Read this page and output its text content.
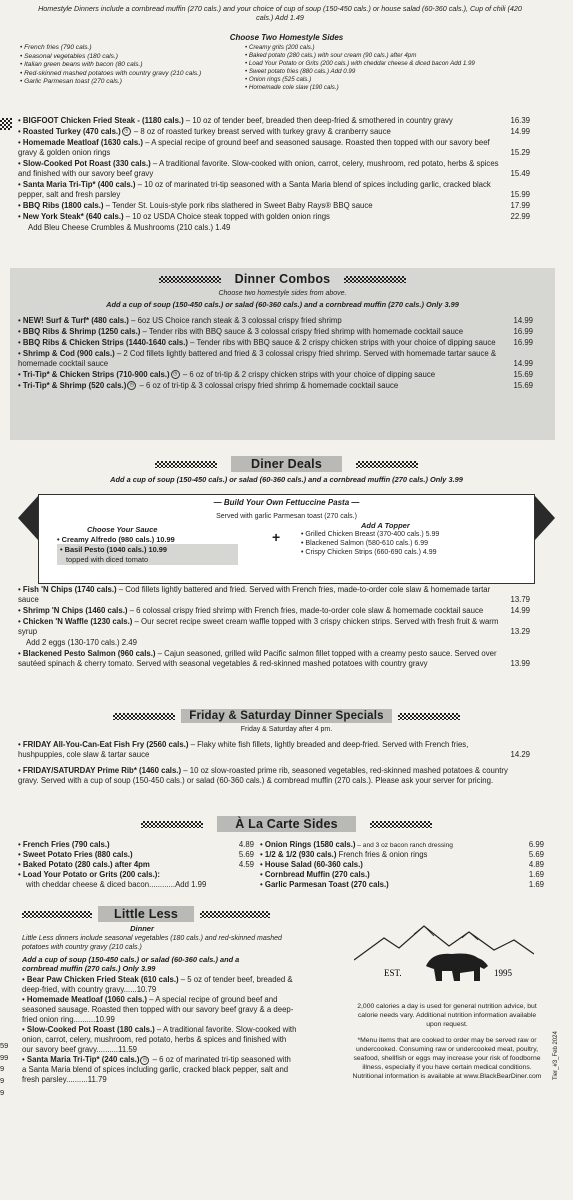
Homestyle Dinners include a cornbread muffin (270 cals.) and your choice of cup of soup (150-450 cals.) or house salad (60-360 cals.), Cup of chili (420 cals.) Add 1.49
Choose Two Homestyle Sides
• French fries (790 cals.)
• Seasonal vegetables (180 cals.)
• Italian green beans with bacon (80 cals.)
• Red-skinned mashed potatoes with country gravy (210 cals.)
• Garlic Parmesan toast (270 cals.)
• Creamy grits (200 cals.)
• Baked potato (280 cals.) with sour cream (90 cals.) after 4pm
• Load Your Potato or Grits (200 cals.) with cheddar cheese & diced bacon Add 1.99
• Sweet potato fries (880 cals.) Add 0.99
• Onion rings (525 cals.)
• Homemade cole slaw (190 cals.)
• BIGFOOT Chicken Fried Steak - (1180 cals.) – 10 oz of tender beef, breaded then deep-fried & smothered in country gravy	16.39
• Roasted Turkey (470 cals.) ◷ – 8 oz of roasted turkey breast served with turkey gravy & cranberry sauce	14.99
• Homemade Meatloaf (1630 cals.) – A special recipe of ground beef and seasoned sausage. Roasted then topped with our savory beef gravy & golden onion rings	15.29
• Slow-Cooked Pot Roast (330 cals.) – A traditional favorite. Slow-cooked with onion, carrot, celery, mushroom, red potato, herbs & spices and finished with our savory beef gravy	15.49
• Santa Maria Tri-Tip* (400 cals.) – 10 oz of marinated tri-tip seasoned with a Santa Maria blend of spices including garlic, cracked black pepper, salt and fresh parsley	15.99
• BBQ Ribs (1800 cals.) – Tender St. Louis-style pork ribs slathered in Sweet Baby Rays® BBQ sauce	17.99
• New York Steak* (640 cals.) – 10 oz USDA Choice steak topped with golden onion rings	22.99
Add Bleu Cheese Crumbles & Mushrooms (210 cals.) 1.49
Dinner Combos
Choose two homestyle sides from above.
Add a cup of soup (150-450 cals.) or salad (60-360 cals.) and a cornbread muffin (270 cals.) Only 3.99
• NEW! Surf & Turf* (480 cals.) – 6oz US Choice ranch steak & 3 colossal crispy fried shrimp	14.99
• BBQ Ribs & Shrimp (1250 cals.) – Tender ribs with BBQ sauce & 3 colossal crispy fried shrimp with homemade cocktail sauce	16.99
• BBQ Ribs & Chicken Strips (1440-1640 cals.) – Tender ribs with BBQ sauce & 2 crispy chicken strips with your choice of dipping sauce 16.99
• Shrimp & Cod (900 cals.) – 2 Cod fillets lightly battered and fried & 3 colossal crispy fried shrimp. Served with homemade tartar sauce & homemade cocktail sauce	14.99
• Tri-Tip* & Chicken Strips (710-900 cals.) ◷ – 6 oz of tri-tip & 2 crispy chicken strips with your choice of dipping sauce	15.69
• Tri-Tip* & Shrimp (520 cals.) ◷ – 6 oz of tri-tip & 3 colossal crispy fried shrimp & homemade cocktail sauce	15.69
Diner Deals
Add a cup of soup (150-450 cals.) or salad (60-360 cals.) and a cornbread muffin (270 cals.) Only 3.99
— Build Your Own Fettuccine Pasta —
Served with garlic Parmesan toast (270 cals.)
Choose Your Sauce
• Creamy Alfredo (980 cals.) 10.99
• Basil Pesto (1040 cals.) 10.99
topped with diced tomato
+
Add A Topper
• Grilled Chicken Breast (370-400 cals.) 5.99
• Blackened Salmon (580-610 cals.) 6.99
• Crispy Chicken Strips (660-690 cals.) 4.99
• Fish 'N Chips (1740 cals.) – Cod fillets lightly battered and fried. Served with French fries, made-to-order cole slaw & homemade tartar sauce	13.79
• Shrimp 'N Chips (1460 cals.) – 6 colossal crispy fried shrimp with French fries, made-to-order cole slaw & homemade cocktail sauce	14.99
• Chicken 'N Waffle (1230 cals.) – Our secret recipe sweet cream waffle topped with 3 crispy chicken strips. Served with fresh fruit & warm syrup	13.29
Add 2 eggs (130-170 cals.) 2.49
• Blackened Pesto Salmon (960 cals.) – Cajun seasoned, grilled wild Pacific salmon fillet topped with a creamy pesto sauce. Served over sautéed spinach & cherry tomato. Served with seasonal vegetables & red-skinned mashed potatoes with country gravy	13.99
Friday & Saturday Dinner Specials
Friday & Saturday after 4 pm.
• FRIDAY All-You-Can-Eat Fish Fry (2560 cals.) – Flaky white fish fillets, lightly breaded and deep-fried. Served with French fries, hushpuppies, cole slaw & tartar sauce	14.29
• FRIDAY/SATURDAY Prime Rib* (1460 cals.) – 10 oz slow-roasted prime rib, seasoned vegetables, red-skinned mashed potatoes & country gravy. Served with a cup of soup (150-450 cals.) or salad (60-360 cals.) & cornbread muffin (270 cals.). Please ask your server for pricing.
À La Carte Sides
• French Fries (790 cals.)	4.89
• Sweet Potato Fries (880 cals.)	5.69
• Baked Potato (280 cals.) after 4pm	4.59
• Load Your Potato or Grits (200 cals.):
with cheddar cheese & diced bacon............Add 1.99
• Onion Rings (1580 cals.) – and 3 oz bacon ranch dressing	6.99
• 1/2 & 1/2 (930 cals.) French fries & onion rings	5.69
• House Salad (60-360 cals.)	4.89
• Cornbread Muffin (270 cals.)	1.69
• Garlic Parmesan Toast (270 cals.)	1.69
Little Less
Dinner
Little Less dinners include seasonal vegetables (180 cals.) and red-skinned mashed potatoes with country gravy (210 cals.)
Add a cup of soup (150-450 cals.) or salad (60-360 cals.) and a cornbread muffin (270 cals.) Only 3.99
• Bear Paw Chicken Fried Steak (610 cals.) – 5 oz of tender beef, breaded & deep-fried, with country gravy......10.79
• Homemade Meatloaf (1060 cals.) – A special recipe of ground beef and seasoned sausage. Roasted then topped with our savory beef gravy & a deep-fried onion ring..........10.99
• Slow-Cooked Pot Roast (180 cals.) – A traditional favorite. Slow-cooked with onion, carrot, celery, mushroom, red potato, herbs & spices and finished with our savory beef gravy..........11.59
• Santa Maria Tri-Tip* (240 cals.) ◷ – 6 oz of marinated tri-tip seasoned with a Santa Maria blend of spices including garlic, cracked black pepper, salt and fresh parsley..........11.79
EST.	1995
2,000 calories a day is used for general nutrition advice, but calorie needs vary. Additional nutrition information available upon request.
*Menu items that are cooked to order may be served raw or undercooked. Consuming raw or undercooked meat, poultry, seafood, shellfish or eggs may increase your risk of foodborne illness, especially if you have certain medical conditions. Nutritional information is available at www.BlackBearDiner.com Tier_#3_Feb 2024
59
99
9
9
9
